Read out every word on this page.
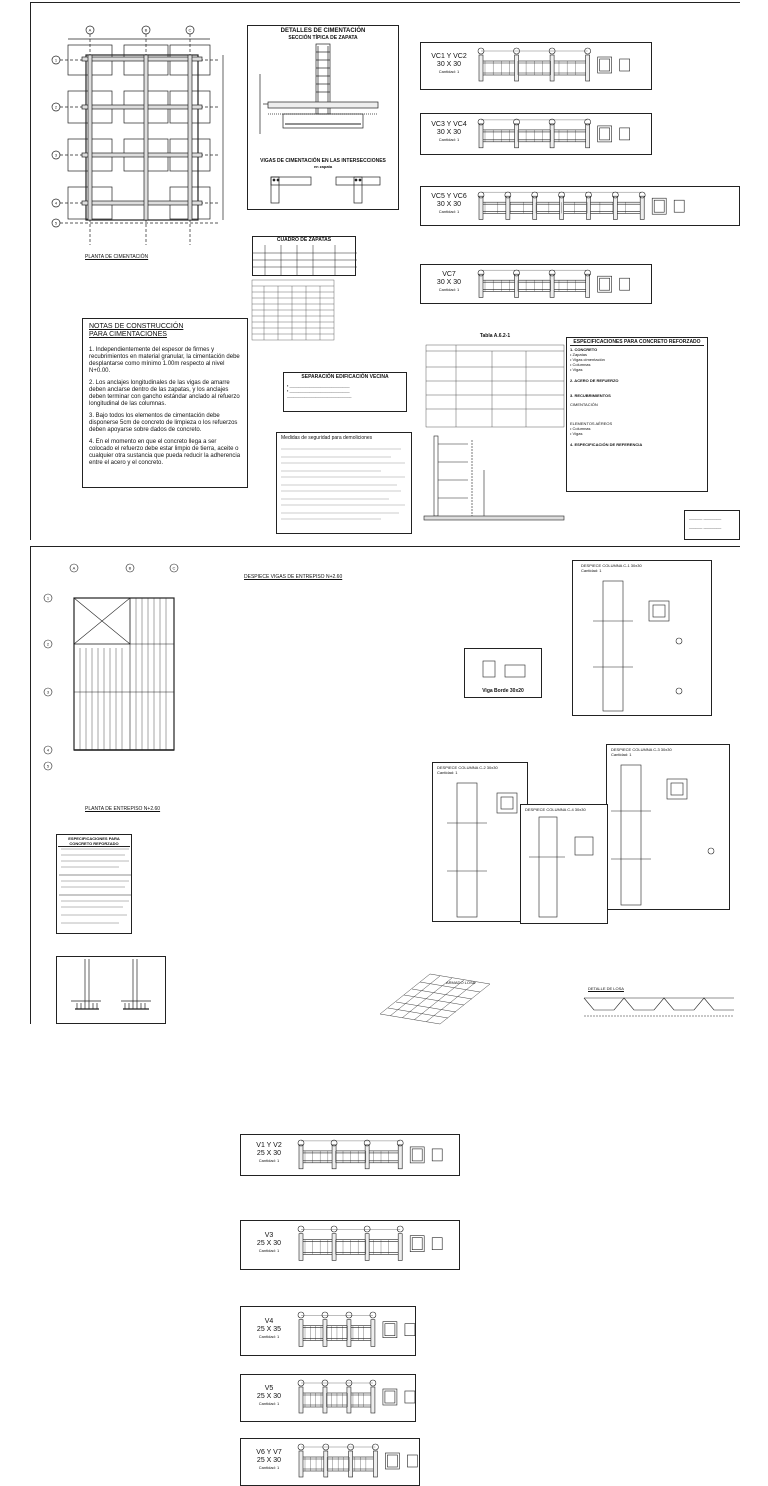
A	B	C
1
2
3
4
5
PLANTA DE CIMENTACIÓN
DETALLES DE CIMENTACIÓN
SECCIÓN TÍPICA DE ZAPATA
VIGAS DE CIMENTACIÓN EN LAS INTERSECCIONES
en zapata
CUADRO DE ZAPATAS
VC1 Y VC2
30 X 30
Cantidad: 1
VC3 Y VC4
30 X 30
Cantidad: 1
VC5 Y VC6
30 X 30
Cantidad: 1
VC7
30 X 30
Cantidad: 1
NOTAS DE CONSTRUCCIÓN PARA CIMENTACIONES

1. Independientemente del espesor de firmes y recubrimientos en material granular, la cimentación debe desplantarse como mínimo 1.00m respecto al nivel N+0.00.

2. Los anclajes longitudinales de las vigas de amarre deben anclarse dentro de las zapatas, y los anclajes deben terminar con gancho estándar anclado al refuerzo longitudinal de las columnas.

3. Bajo todos los elementos de cimentación debe disponerse 5cm de concreto de limpieza o los refuerzos deben apoyarse sobre dados de concreto.

4. En el momento en que el concreto llega a ser colocado el refuerzo debe estar limpio de tierra, aceite o cualquier otra sustancia que pueda reducir la adherencia entre el acero y el concreto.

SEPARACIÓN EDIFICACIÓN VECINA
▪ ___________________________
▪ ___________________________
_____________________________
Medidas de seguridad para demoliciones
Tabla A.6.2-1
ESPECIFICACIONES PARA CONCRETO REFORZADO
1. CONCRETO
• Zapatas
• Vigas cimentación
• Columnas
• Vigas
2. ACERO DE REFUERZO
3. RECUBRIMIENTOS
CIMENTACIÓN
ELEMENTOS AÉREOS
• Columnas
• Vigas
4. ESPECIFICACIÓN DE REFERENCIA
______ ________
______ ________
A	B	C
1
2
3
4
5
PLANTA DE ENTREPISO N+2.60
DESPIECE VIGAS DE ENTREPISO N+2.60
V1 Y V2
25 X 30
Cantidad: 1
V3
25 X 30
Cantidad: 1
V4
25 X 35
Cantidad: 1
V5
25 X 30
Cantidad: 1
V6 Y V7
25 X 30
Cantidad: 1
Viga Borde 30x20
DESPIECE COLUMNA C-1 30x30
Cantidad: 1
DESPIECE COLUMNA C-2 30x30
Cantidad: 1
DESPIECE COLUMNA C-3 30x30
Cantidad: 1
DESPIECE COLUMNA C-4 30x30
ESPECIFICACIONES PARA CONCRETO REFORZADO
ARMADO LOSA
DETALLE DE LOSA
